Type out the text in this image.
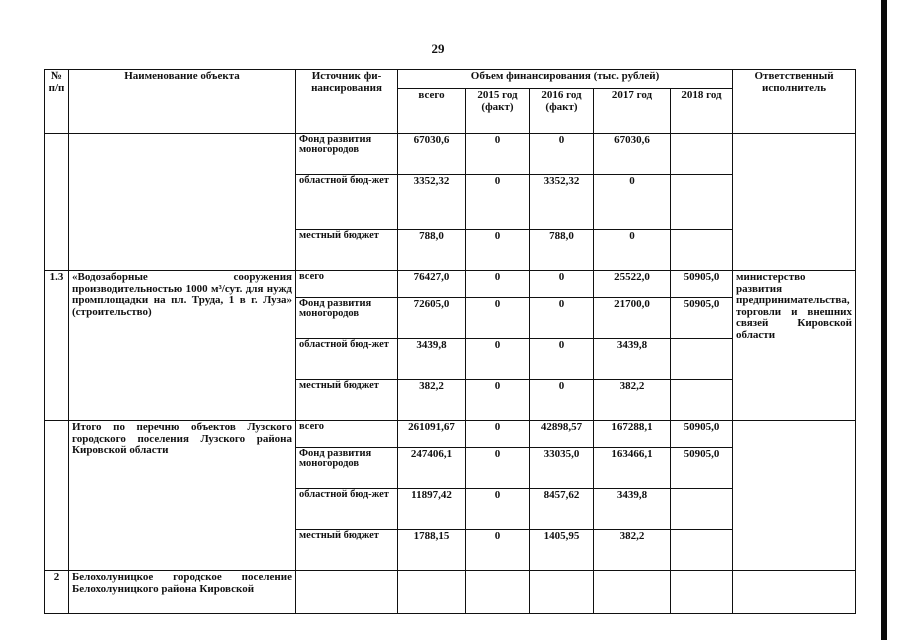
29
№ п/п	Наименование объекта	Источник фи-нансирования	Объем финансирования (тыс. рублей)					Ответственный исполнитель
			всего	2015 год (факт)	2016 год (факт)	2017 год	2018 год	
		Фонд развития моногородов	67030,6	0	0	67030,6		
		областной бюд-жет	3352,32	0	3352,32	0		
		местный бюджет	788,0	0	788,0	0		
1.3	«Водозаборные сооружения производительностью 1000 м³/сут. для нужд промплощадки на пл. Труда, 1 в г. Луза» (строительство)	всего	76427,0	0	0	25522,0	50905,0	министерство развития предпринимательства, торговли и внешних связей Кировской области
		Фонд развития моногородов	72605,0	0	0	21700,0	50905,0	
		областной бюд-жет	3439,8	0	0	3439,8		
		местный бюджет	382,2	0	0	382,2		
	Итого по перечню объектов Лузского городского поселения Лузского района Кировской области	всего	261091,67	0	42898,57	167288,1	50905,0	
		Фонд развития моногородов	247406,1	0	33035,0	163466,1	50905,0	
		областной бюд-жет	11897,42	0	8457,62	3439,8		
		местный бюджет	1788,15	0	1405,95	382,2		
2	Белохолуницкое городское поселение Белохолуницкого района Кировской							
